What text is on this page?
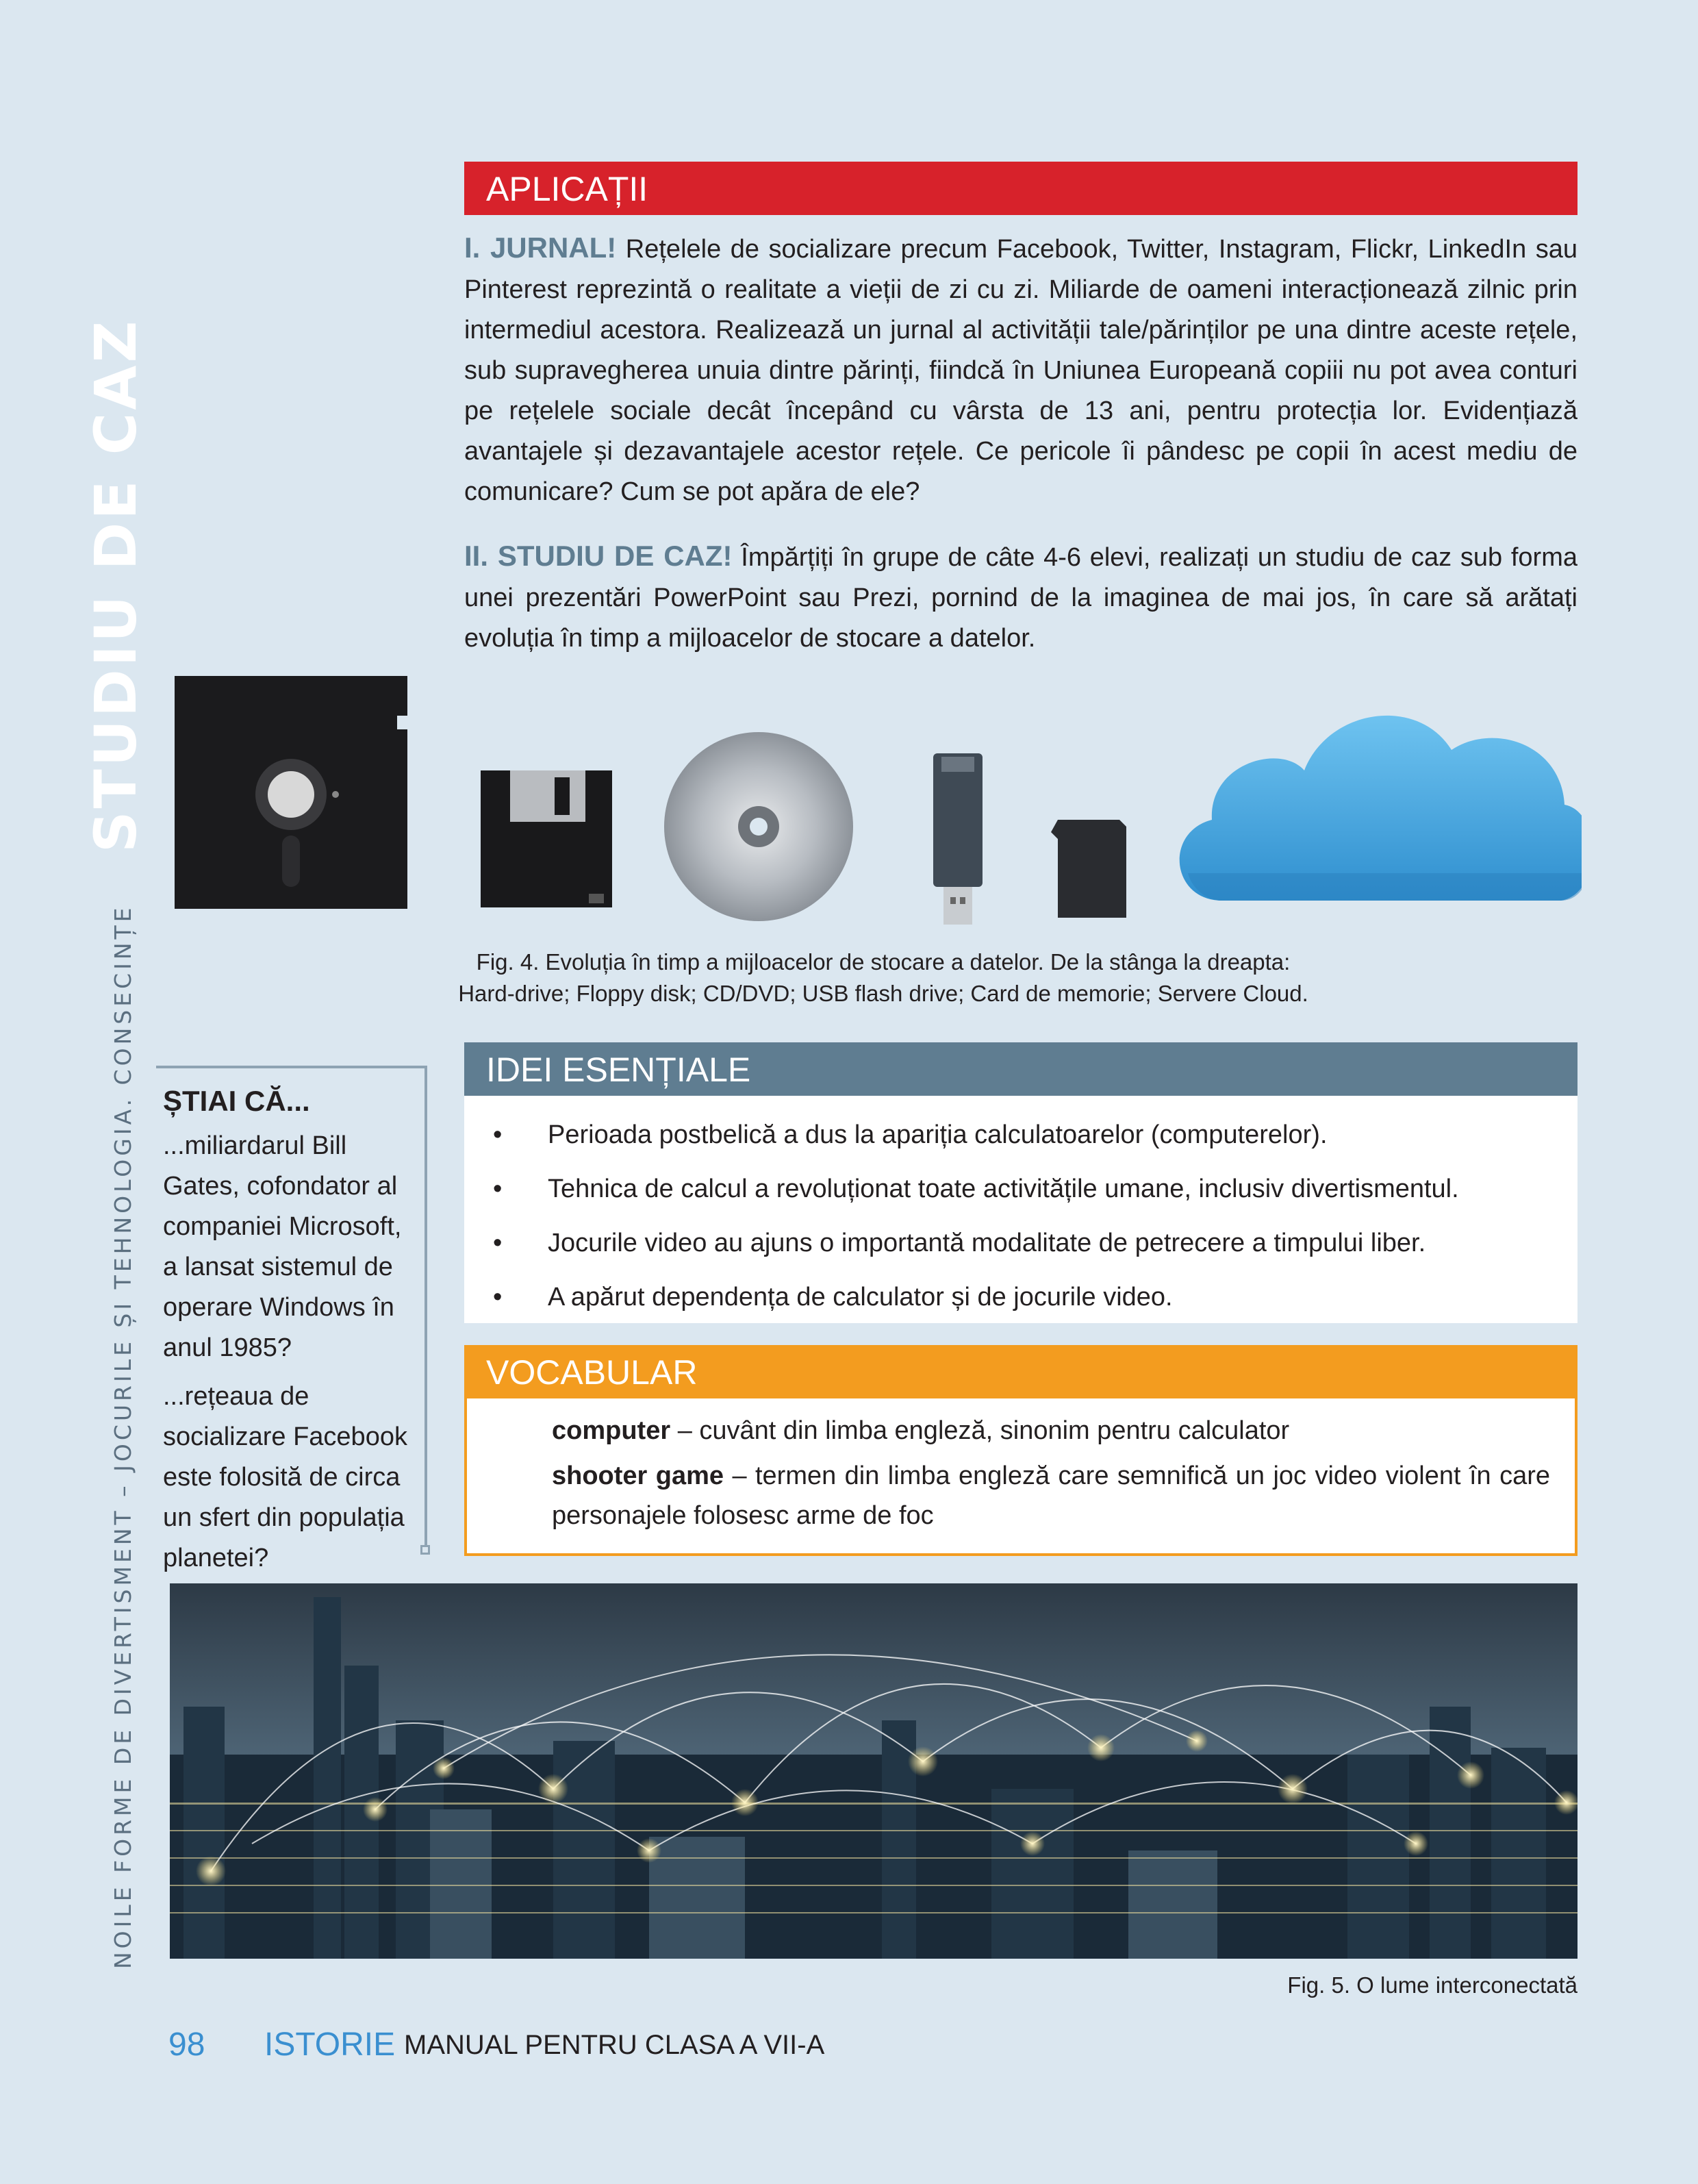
STUDIU DE CAZ
NOILE FORME DE DIVERTISMENT – JOCURILE ȘI TEHNOLOGIA. CONSECINȚE
APLICAȚII
I. JURNAL! Rețelele de socializare precum Facebook, Twitter, Instagram, Flickr, LinkedIn sau Pinterest reprezintă o realitate a vieții de zi cu zi. Miliarde de oameni interacționează zilnic prin intermediul acestora. Realizează un jurnal al activității tale/părinților pe una dintre aceste rețele, sub supravegherea unuia dintre părinți, fiindcă în Uniunea Europeană copiii nu pot avea conturi pe rețelele sociale decât începând cu vârsta de 13 ani, pentru protecția lor. Evidențiază avantajele și dezavantajele acestor rețele. Ce pericole îi pândesc pe copii în acest mediu de comunicare? Cum se pot apăra de ele?
II. STUDIU DE CAZ! Împărțiți în grupe de câte 4-6 elevi, realizați un studiu de caz sub forma unei prezentări PowerPoint sau Prezi, pornind de la imaginea de mai jos, în care să arătați evoluția în timp a mijloacelor de stocare a datelor.
Fig. 4. Evoluția în timp a mijloacelor de stocare a datelor. De la stânga la dreapta:
Hard-drive; Floppy disk; CD/DVD; USB flash drive; Card de memorie; Servere Cloud.
ȘTIAI CĂ...

...miliardarul Bill Gates, cofondator al companiei Microsoft, a lansat sistemul de operare Windows în anul 1985?

...rețeaua de socializare Facebook este folosită de circa un sfert din populația planetei?

IDEI ESENȚIALE
• Perioada postbelică a dus la apariția calculatoarelor (computerelor).
• Tehnica de calcul a revoluționat toate activitățile umane, inclusiv divertismentul.
• Jocurile video au ajuns o importantă modalitate de petrecere a timpului liber.
• A apărut dependența de calculator și de jocurile video.
VOCABULAR

computer – cuvânt din limba engleză, sinonim pentru calculator

shooter game – termen din limba engleză care semnifică un joc video violent în care personajele folosesc arme de foc

Fig. 5. O lume interconectată
98 ISTORIE MANUAL PENTRU CLASA A VII-A
